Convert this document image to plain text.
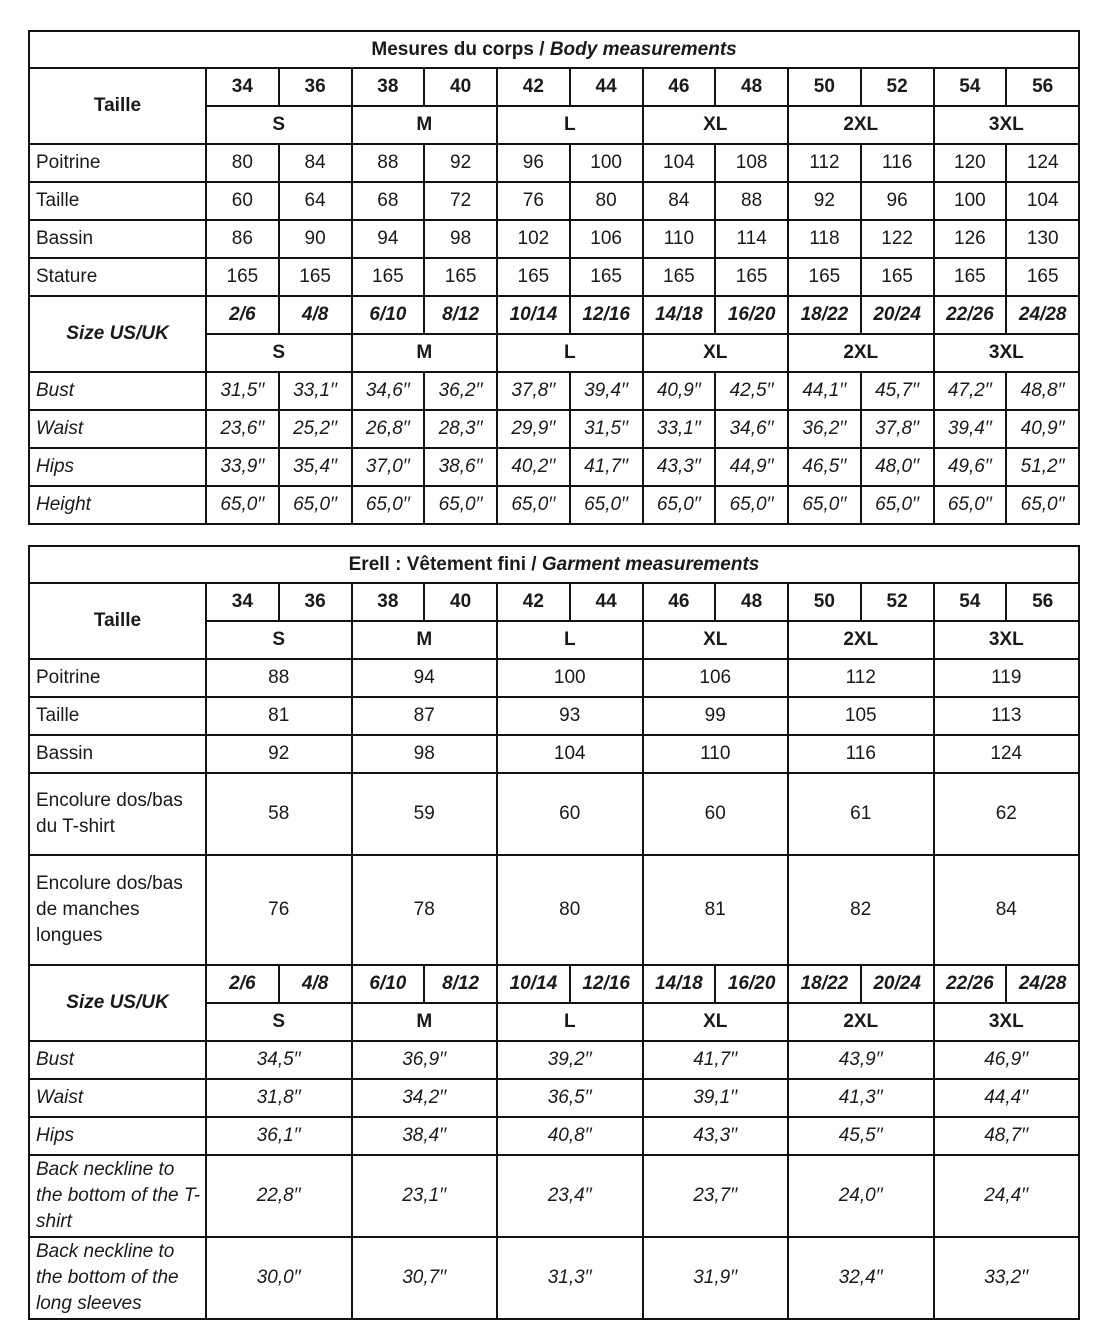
Mesures du corps / Body measurements												
Taille	34	36	38	40	42	44	46	48	50	52	54	56
	S		M		L		XL		2XL		3XL	
Poitrine	80	84	88	92	96	100	104	108	112	116	120	124
Taille	60	64	68	72	76	80	84	88	92	96	100	104
Bassin	86	90	94	98	102	106	110	114	118	122	126	130
Stature	165	165	165	165	165	165	165	165	165	165	165	165
Size US/UK	2/6	4/8	6/10	8/12	10/14	12/16	14/18	16/20	18/22	20/24	22/26	24/28
	S		M		L		XL		2XL		3XL	
Bust	31,5′′	33,1′′	34,6′′	36,2′′	37,8′′	39,4′′	40,9′′	42,5′′	44,1′′	45,7′′	47,2′′	48,8′′
Waist	23,6′′	25,2′′	26,8′′	28,3′′	29,9′′	31,5′′	33,1′′	34,6′′	36,2′′	37,8′′	39,4′′	40,9′′
Hips	33,9′′	35,4′′	37,0′′	38,6′′	40,2′′	41,7′′	43,3′′	44,9′′	46,5′′	48,0′′	49,6′′	51,2′′
Height	65,0′′	65,0′′	65,0′′	65,0′′	65,0′′	65,0′′	65,0′′	65,0′′	65,0′′	65,0′′	65,0′′	65,0′′
Erell : Vêtement fini / Garment measurements												
Taille	34	36	38	40	42	44	46	48	50	52	54	56
	S		M		L		XL		2XL		3XL	
Poitrine	88		94		100		106		112		119	
Taille	81		87		93		99		105		113	
Bassin	92		98		104		110		116		124	
Encolure dos/bas du T-shirt	58		59		60		60		61		62	
Encolure dos/bas de manches longues	76		78		80		81		82		84	
Size US/UK	2/6	4/8	6/10	8/12	10/14	12/16	14/18	16/20	18/22	20/24	22/26	24/28
	S		M		L		XL		2XL		3XL	
Bust	34,5′′		36,9′′		39,2′′		41,7′′		43,9′′		46,9′′	
Waist	31,8′′		34,2′′		36,5′′		39,1′′		41,3′′		44,4′′	
Hips	36,1′′		38,4′′		40,8′′		43,3′′		45,5′′		48,7′′	
Back neckline to the bottom of the T-shirt	22,8′′		23,1′′		23,4′′		23,7′′		24,0′′		24,4′′	
Back neckline to the bottom of the long sleeves	30,0′′		30,7′′		31,3′′		31,9′′		32,4′′		33,2′′	
